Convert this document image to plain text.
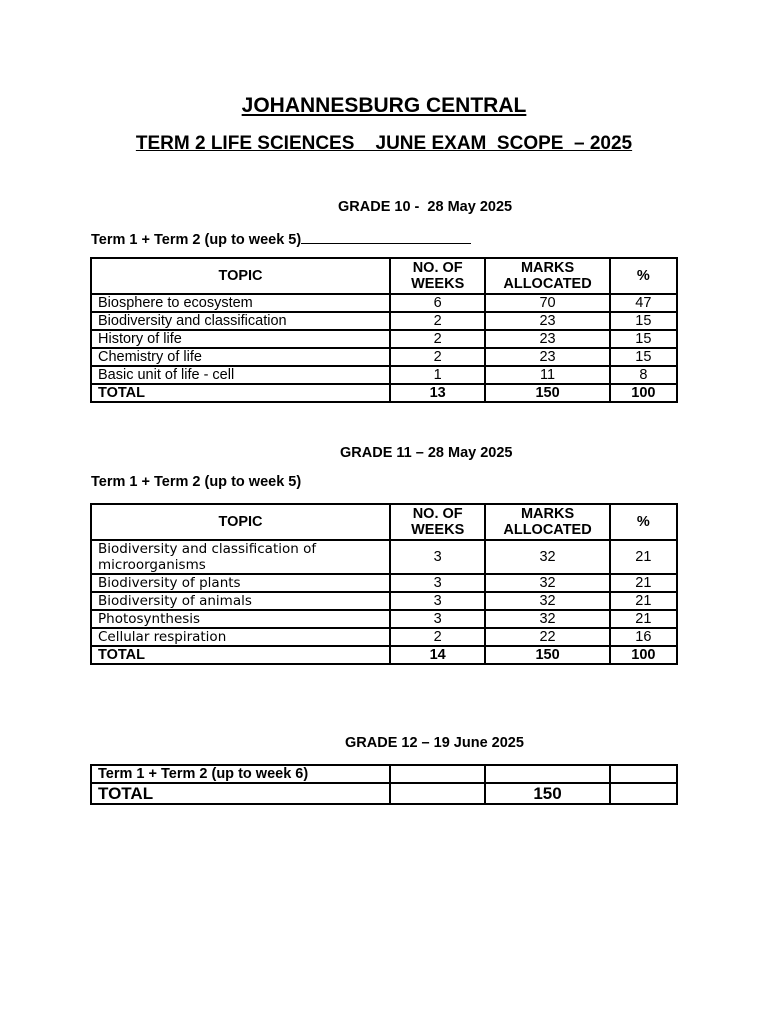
JOHANNESBURG CENTRAL
TERM 2 LIFE SCIENCES    JUNE EXAM  SCOPE  – 2025
GRADE 10 -  28 May 2025
Term 1 + Term 2 (up to week 5)
TOPIC	NO. OF WEEKS	MARKS ALLOCATED	%
Biosphere to ecosystem	6	70	47
Biodiversity and classification	2	23	15
History of life	2	23	15
Chemistry of life	2	23	15
Basic unit of life - cell	1	11	8
TOTAL	13	150	100
GRADE 11 – 28 May 2025
Term 1 + Term 2 (up to week 5)
TOPIC	NO. OF WEEKS	MARKS ALLOCATED	%
Biodiversity and classification of microorganisms	3	32	21
Biodiversity of plants	3	32	21
Biodiversity of animals	3	32	21
Photosynthesis	3	32	21
Cellular respiration	2	22	16
TOTAL	14	150	100
GRADE 12 – 19 June 2025
Term 1 + Term 2 (up to week 6)			
TOTAL		150	
